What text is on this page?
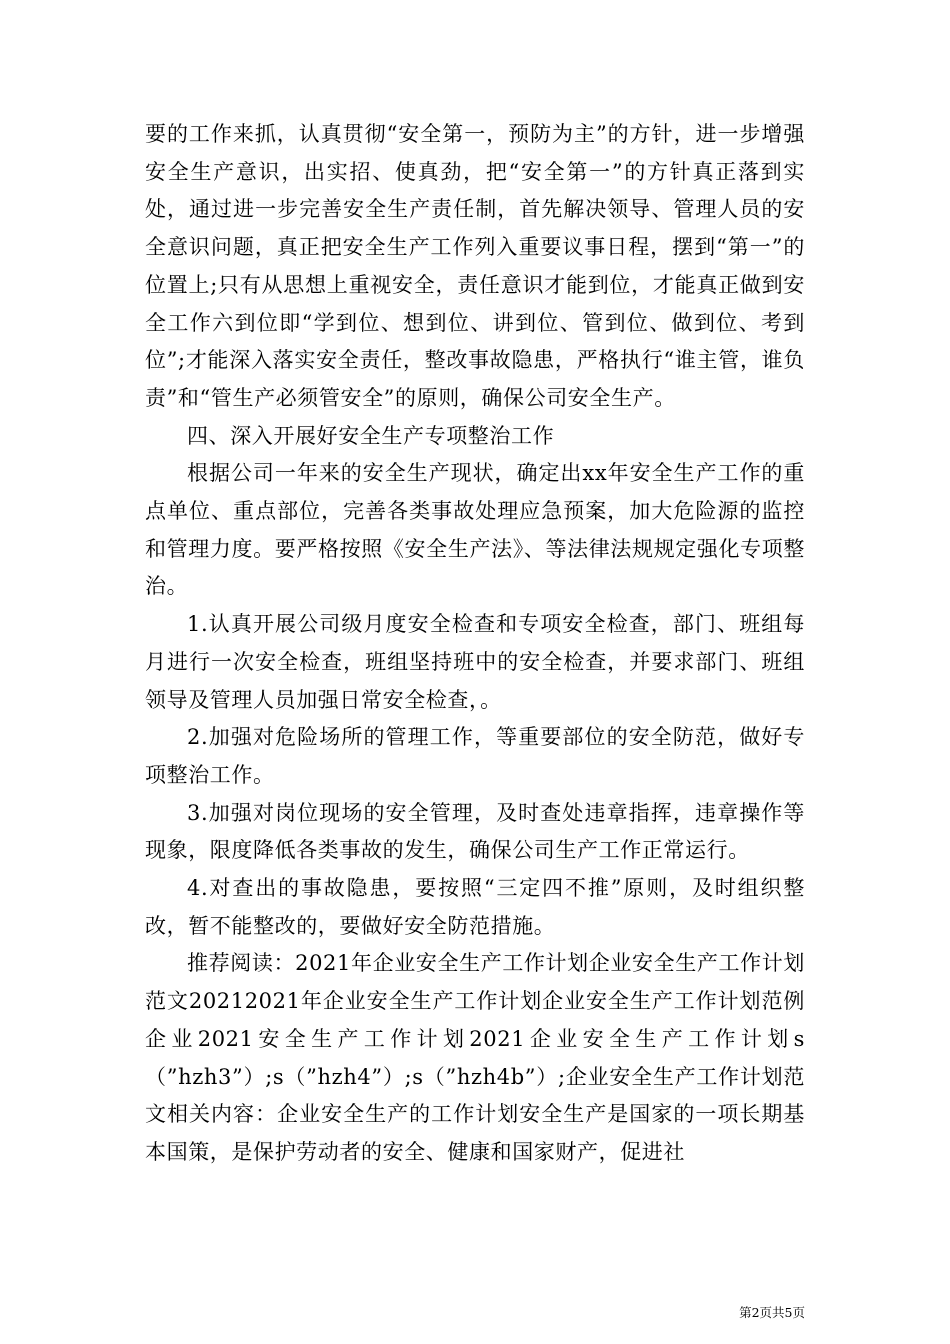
要的工作来抓，认真贯彻“安全第一，预防为主”的方针，进一步增强安全生产意识，出实招、使真劲，把“安全第一”的方针真正落到实处，通过进一步完善安全生产责任制，首先解决领导、管理人员的安全意识问题，真正把安全生产工作列入重要议事日程，摆到“第一”的位置上;只有从思想上重视安全，责任意识才能到位，才能真正做到安全工作六到位即“学到位、想到位、讲到位、管到位、做到位、考到位”;才能深入落实安全责任，整改事故隐患，严格执行“谁主管，谁负责”和“管生产必须管安全”的原则，确保公司安全生产。

四、深入开展好安全生产专项整治工作

根据公司一年来的安全生产现状，确定出xx年安全生产工作的重点单位、重点部位，完善各类事故处理应急预案，加大危险源的监控和管理力度。要严格按照《安全生产法》、等法律法规规定强化专项整治。

1.认真开展公司级月度安全检查和专项安全检查，部门、班组每月进行一次安全检查，班组坚持班中的安全检查，并要求部门、班组领导及管理人员加强日常安全检查，。

2.加强对危险场所的管理工作，等重要部位的安全防范，做好专项整治工作。

3.加强对岗位现场的安全管理，及时查处违章指挥，违章操作等现象，限度降低各类事故的发生，确保公司生产工作正常运行。

4.对查出的事故隐患，要按照“三定四不推”原则，及时组织整改，暂不能整改的，要做好安全防范措施。

推荐阅读：2021年企业安全生产工作计划企业安全生产工作计划范文20212021年企业安全生产工作计划企业安全生产工作计划范例企业2021安全生产工作计划2021企业安全生产工作计划s（”hzh3”）;s（”hzh4”）;s（”hzh4b”）;企业安全生产工作计划范文相关内容：企业安全生产的工作计划安全生产是国家的一项长期基本国策，是保护劳动者的安全、健康和国家财产，促进社

第2页共5页
